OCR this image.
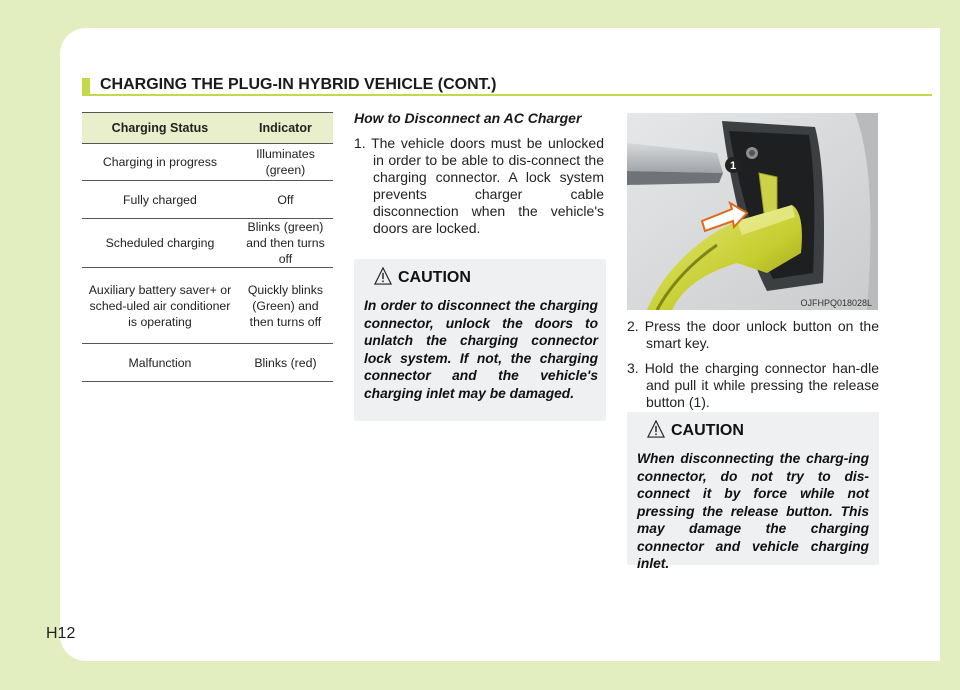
CHARGING THE PLUG-IN HYBRID VEHICLE (CONT.)
Charging Status	Indicator
Charging in progress	Illuminates (green)
Fully charged	Off
Scheduled charging	Blinks (green) and then turns off
Auxiliary battery saver+ or sched-uled air conditioner is operating	Quickly blinks (Green) and then turns off
Malfunction	Blinks (red)
How to Disconnect an AC Charger
1. The vehicle doors must be unlocked in order to be able to dis-connect the charging connector. A lock system prevents charger cable disconnection when the vehicle's doors are locked.
CAUTION
In order to disconnect the charging connector, unlock the doors to unlatch the charging connector lock system. If not, the charging connector and the vehicle's charging inlet may be damaged.
1
OJFHPQ018028L
2. Press the door unlock button on the smart key.
3. Hold the charging connector han-dle and pull it while pressing the release button (1).
CAUTION
When disconnecting the charg-ing connector, do not try to dis-connect it by force while not pressing the release button. This may damage the charging connector and vehicle charging inlet.
H12
